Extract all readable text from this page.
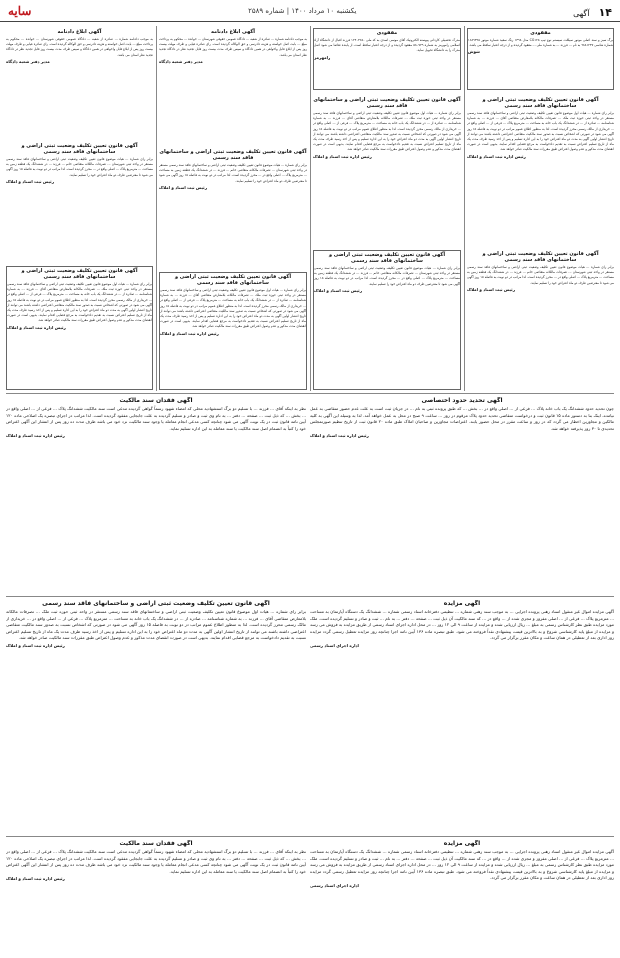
۱۴ آگهی
یکشنبه ۱۰ مرداد ۱۴۰۰ | شماره ۲۵۸۹
سایه
مفقودی

برگ سبز و سند اصلی موتور سیکلت سیستم نوع تیپ CG۱۲۵ مدل ۱۳۹۸ رنگ سفید شماره موتور ۱۶۸۹۳۹۵ شماره شاسی ۹۸۸۱۲۳۷ به نام ... فرزند ... به شماره ملی ... مفقود گردیده و از درجه اعتبار ساقط می باشد.

شوش
آگهی قانون تعیین تکلیف وضعیت ثبتی اراضی و ساختمانهای فاقد سند رسمی

برابر رای شماره ... هیات اول موضوع قانون تعیین تکلیف وضعیت ثبتی اراضی و ساختمانهای فاقد سند رسمی مستقر در واحد ثبتی حوزه ثبت ملک ... تصرفات مالکانه بلامعارض متقاضی آقای ... فرزند ... به شماره شناسنامه ... صادره از ... در ششدانگ یک باب خانه به مساحت ... مترمربع پلاک ... فرعی از ... اصلی واقع در ... خریداری از مالک رسمی محرز گردیده است. لذا به منظور اطلاع عموم مراتب در دو نوبت به فاصله ۱۵ روز آگهی می شود در صورتی که اشخاص نسبت به صدور سند مالکیت متقاضی اعتراضی داشته باشند می توانند از تاریخ انتشار اولین آگهی به مدت دو ماه اعتراض خود را به این اداره تسلیم و پس از اخذ رسید ظرف مدت یک ماه از تاریخ تسلیم اعتراض نسبت به تقدیم دادخواست به مرجع قضایی اقدام نمایند. بدیهی است در صورت انقضای مدت مذکور و عدم وصول اعتراض طبق مقررات سند مالکیت صادر خواهد شد.

رئیس اداره ثبت اسناد و املاک
آگهی قانون تعیین تکلیف وضعیت ثبتی اراضی و ساختمانهای فاقد سند رسمی

برابر رای شماره ... هیات موضوع قانون تعیین تکلیف وضعیت ثبتی اراضی و ساختمانهای فاقد سند رسمی مستقر در واحد ثبتی شهرستان ... تصرفات مالکانه متقاضی خانم ... فرزند ... در ششدانگ یک قطعه زمین به مساحت ... مترمربع پلاک ... اصلی واقع در ... محرز گردیده است. لذا مراتب در دو نوبت به فاصله ۱۵ روز آگهی می شود تا معترضین ظرف دو ماه اعتراض خود را تسلیم نمایند.

رئیس ثبت اسناد و املاک
مفقودی

مدرک تحصیلی کاردانی پیوسته الکترونیک آقای موسی اسدی به کد ملی ۱۲۴۰۳۶۵۰ فرزند اقبال از دانشگاه آزاد اسلامی رامهرمز به شماره ۵۸۰۷۴۹ مفقود گردیده و از درجه اعتبار ساقط است. از یابنده تقاضا می شود اصل مدرک را به دانشگاه تحویل نماید.

رامهرمز
آگهی قانون تعیین تکلیف وضعیت ثبتی اراضی و ساختمانهای فاقد سند رسمی

برابر رای شماره ... هیات اول موضوع قانون تعیین تکلیف وضعیت ثبتی اراضی و ساختمانهای فاقد سند رسمی مستقر در واحد ثبتی حوزه ثبت ملک ... تصرفات مالکانه بلامعارض متقاضی آقای ... فرزند ... به شماره شناسنامه ... صادره از ... در ششدانگ یک باب خانه به مساحت ... مترمربع پلاک ... فرعی از ... اصلی واقع در ... خریداری از مالک رسمی محرز گردیده است. لذا به منظور اطلاع عموم مراتب در دو نوبت به فاصله ۱۵ روز آگهی می شود در صورتی که اشخاص نسبت به صدور سند مالکیت متقاضی اعتراضی داشته باشند می توانند از تاریخ انتشار اولین آگهی به مدت دو ماه اعتراض خود را به این اداره تسلیم و پس از اخذ رسید ظرف مدت یک ماه از تاریخ تسلیم اعتراض نسبت به تقدیم دادخواست به مرجع قضایی اقدام نمایند. بدیهی است در صورت انقضای مدت مذکور و عدم وصول اعتراض طبق مقررات سند مالکیت صادر خواهد شد.

رئیس اداره ثبت اسناد و املاک
آگهی قانون تعیین تکلیف وضعیت ثبتی اراضی و ساختمانهای فاقد سند رسمی

برابر رای شماره ... هیات موضوع قانون تعیین تکلیف وضعیت ثبتی اراضی و ساختمانهای فاقد سند رسمی مستقر در واحد ثبتی شهرستان ... تصرفات مالکانه متقاضی خانم ... فرزند ... در ششدانگ یک قطعه زمین به مساحت ... مترمربع پلاک ... اصلی واقع در ... محرز گردیده است. لذا مراتب در دو نوبت به فاصله ۱۵ روز آگهی می شود تا معترضین ظرف دو ماه اعتراض خود را تسلیم نمایند.

رئیس ثبت اسناد و املاک
آگهی ابلاغ دادنامه

به موجب دادنامه شماره ... صادره از شعبه ... دادگاه عمومی حقوقی شهرستان ... خوانده ... محکوم به پرداخت مبلغ ... بابت اصل خواسته و هزینه دادرسی و حق الوکاله گردیده است. رای صادره غیابی و ظرف مهلت بیست روز پس از ابلاغ قابل واخواهی در همین دادگاه و سپس ظرف مدت بیست روز قابل تجدید نظر در دادگاه تجدید نظر استان می باشد.

مدیر دفتر شعبه دادگاه
آگهی قانون تعیین تکلیف وضعیت ثبتی اراضی و ساختمانهای فاقد سند رسمی

برابر رای شماره ... هیات موضوع قانون تعیین تکلیف وضعیت ثبتی اراضی و ساختمانهای فاقد سند رسمی مستقر در واحد ثبتی شهرستان ... تصرفات مالکانه متقاضی خانم ... فرزند ... در ششدانگ یک قطعه زمین به مساحت ... مترمربع پلاک ... اصلی واقع در ... محرز گردیده است. لذا مراتب در دو نوبت به فاصله ۱۵ روز آگهی می شود تا معترضین ظرف دو ماه اعتراض خود را تسلیم نمایند.

رئیس ثبت اسناد و املاک
آگهی قانون تعیین تکلیف وضعیت ثبتی اراضی و ساختمانهای فاقد سند رسمی

برابر رای شماره ... هیات اول موضوع قانون تعیین تکلیف وضعیت ثبتی اراضی و ساختمانهای فاقد سند رسمی مستقر در واحد ثبتی حوزه ثبت ملک ... تصرفات مالکانه بلامعارض متقاضی آقای ... فرزند ... به شماره شناسنامه ... صادره از ... در ششدانگ یک باب خانه به مساحت ... مترمربع پلاک ... فرعی از ... اصلی واقع در ... خریداری از مالک رسمی محرز گردیده است. لذا به منظور اطلاع عموم مراتب در دو نوبت به فاصله ۱۵ روز آگهی می شود در صورتی که اشخاص نسبت به صدور سند مالکیت متقاضی اعتراضی داشته باشند می توانند از تاریخ انتشار اولین آگهی به مدت دو ماه اعتراض خود را به این اداره تسلیم و پس از اخذ رسید ظرف مدت یک ماه از تاریخ تسلیم اعتراض نسبت به تقدیم دادخواست به مرجع قضایی اقدام نمایند. بدیهی است در صورت انقضای مدت مذکور و عدم وصول اعتراض طبق مقررات سند مالکیت صادر خواهد شد.

رئیس اداره ثبت اسناد و املاک
آگهی ابلاغ دادنامه

به موجب دادنامه شماره ... صادره از شعبه ... دادگاه عمومی حقوقی شهرستان ... خوانده ... محکوم به پرداخت مبلغ ... بابت اصل خواسته و هزینه دادرسی و حق الوکاله گردیده است. رای صادره غیابی و ظرف مهلت بیست روز پس از ابلاغ قابل واخواهی در همین دادگاه و سپس ظرف مدت بیست روز قابل تجدید نظر در دادگاه تجدید نظر استان می باشد.

مدیر دفتر شعبه دادگاه
آگهی قانون تعیین تکلیف وضعیت ثبتی اراضی و ساختمانهای فاقد سند رسمی

برابر رای شماره ... هیات موضوع قانون تعیین تکلیف وضعیت ثبتی اراضی و ساختمانهای فاقد سند رسمی مستقر در واحد ثبتی شهرستان ... تصرفات مالکانه متقاضی خانم ... فرزند ... در ششدانگ یک قطعه زمین به مساحت ... مترمربع پلاک ... اصلی واقع در ... محرز گردیده است. لذا مراتب در دو نوبت به فاصله ۱۵ روز آگهی می شود تا معترضین ظرف دو ماه اعتراض خود را تسلیم نمایند.

رئیس ثبت اسناد و املاک
آگهی قانون تعیین تکلیف وضعیت ثبتی اراضی و ساختمانهای فاقد سند رسمی

برابر رای شماره ... هیات اول موضوع قانون تعیین تکلیف وضعیت ثبتی اراضی و ساختمانهای فاقد سند رسمی مستقر در واحد ثبتی حوزه ثبت ملک ... تصرفات مالکانه بلامعارض متقاضی آقای ... فرزند ... به شماره شناسنامه ... صادره از ... در ششدانگ یک باب خانه به مساحت ... مترمربع پلاک ... فرعی از ... اصلی واقع در ... خریداری از مالک رسمی محرز گردیده است. لذا به منظور اطلاع عموم مراتب در دو نوبت به فاصله ۱۵ روز آگهی می شود در صورتی که اشخاص نسبت به صدور سند مالکیت متقاضی اعتراضی داشته باشند می توانند از تاریخ انتشار اولین آگهی به مدت دو ماه اعتراض خود را به این اداره تسلیم و پس از اخذ رسید ظرف مدت یک ماه از تاریخ تسلیم اعتراض نسبت به تقدیم دادخواست به مرجع قضایی اقدام نمایند. بدیهی است در صورت انقضای مدت مذکور و عدم وصول اعتراض طبق مقررات سند مالکیت صادر خواهد شد.

رئیس اداره ثبت اسناد و املاک
آگهی تحدید حدود اختصاصی

چون تحدید حدود ششدانگ یک باب خانه پلاک ... فرعی از ... اصلی واقع در ... بخش ... که طبق پرونده ثبتی به نام ... در جریان ثبت است به علت عدم حضور متقاضی به عمل نیامده، اینک بنا به دستور ماده ۱۵ قانون ثبت و درخواست متقاضی تحدید حدود پلاک مرقوم در روز ... ساعت ۹ صبح در محل به عمل خواهد آمد. لذا به وسیله این آگهی به کلیه مالکین و مجاورین اخطار می گردد که در روز و ساعت مقرر در محل حضور یابند. اعتراضات مجاورین و صاحبان املاک طبق ماده ۲۰ قانون ثبت از تاریخ تنظیم صورتمجلس تحدیدی تا ۳۰ روز پذیرفته خواهد شد.

رئیس اداره ثبت اسناد و املاک
آگهی فقدان سند مالکیت

نظر به اینکه آقای ... فرزند ... با تسلیم دو برگ استشهادیه محلی که امضاء شهود رسماً گواهی گردیده مدعی است سند مالکیت ششدانگ پلاک ... فرعی از ... اصلی واقع در ... بخش ... که ذیل ثبت ... صفحه ... دفتر ... به نام وی ثبت و صادر و تسلیم گردیده به علت جابجایی مفقود گردیده است. لذا مراتب در اجرای تبصره یک اصلاحی ماده ۱۲۰ آیین نامه قانون ثبت در یک نوبت آگهی می شود چنانچه کسی مدعی انجام معامله یا وجود سند مالکیت نزد خود می باشد ظرف مدت ده روز پس از انتشار این آگهی اعتراض خود را کتباً به انضمام اصل سند مالکیت یا سند معامله به این اداره تسلیم نماید.

رئیس اداره ثبت اسناد و املاک
آگهی مزایده

آگهی مزایده اموال غیر منقول اسناد رهنی پرونده اجرایی ... به موجب سند رهنی شماره ... تنظیمی دفترخانه اسناد رسمی شماره ... ششدانگ یک دستگاه آپارتمان به مساحت ... مترمربع پلاک ... فرعی از ... اصلی مفروز و مجزی شده از ... واقع در ... که سند مالکیت آن ذیل ثبت ... صفحه ... دفتر ... به نام ... ثبت و صادر و تسلیم گردیده است. ملک مورد مزایده طبق نظر کارشناس رسمی به مبلغ ... ریال ارزیابی شده و مزایده از ساعت ۹ الی ۱۲ روز ... در محل اداره اجرای اسناد رسمی از طریق مزایده به فروش می رسد و مزایده از مبلغ پایه کارشناسی شروع و به بالاترین قیمت پیشنهادی نقداً فروخته می شود. طبق تبصره ماده ۱۳۶ آیین نامه اجرا چنانچه روز مزایده تعطیل رسمی گردد مزایده روز اداری بعد از تعطیلی در همان ساعت و مکان مقرر برگزار می گردد.

اداره اجرای اسناد رسمی
آگهی قانون تعیین تکلیف وضعیت ثبتی اراضی و ساختمانهای فاقد سند رسمی

برابر رای شماره ... هیات اول موضوع قانون تعیین تکلیف وضعیت ثبتی اراضی و ساختمانهای فاقد سند رسمی مستقر در واحد ثبتی حوزه ثبت ملک ... تصرفات مالکانه بلامعارض متقاضی آقای ... فرزند ... به شماره شناسنامه ... صادره از ... در ششدانگ یک باب خانه به مساحت ... مترمربع پلاک ... فرعی از ... اصلی واقع در ... خریداری از مالک رسمی محرز گردیده است. لذا به منظور اطلاع عموم مراتب در دو نوبت به فاصله ۱۵ روز آگهی می شود در صورتی که اشخاص نسبت به صدور سند مالکیت متقاضی اعتراضی داشته باشند می توانند از تاریخ انتشار اولین آگهی به مدت دو ماه اعتراض خود را به این اداره تسلیم و پس از اخذ رسید ظرف مدت یک ماه از تاریخ تسلیم اعتراض نسبت به تقدیم دادخواست به مرجع قضایی اقدام نمایند. بدیهی است در صورت انقضای مدت مذکور و عدم وصول اعتراض طبق مقررات سند مالکیت صادر خواهد شد.

رئیس اداره ثبت اسناد و املاک
آگهی مزایده

آگهی مزایده اموال غیر منقول اسناد رهنی پرونده اجرایی ... به موجب سند رهنی شماره ... تنظیمی دفترخانه اسناد رسمی شماره ... ششدانگ یک دستگاه آپارتمان به مساحت ... مترمربع پلاک ... فرعی از ... اصلی مفروز و مجزی شده از ... واقع در ... که سند مالکیت آن ذیل ثبت ... صفحه ... دفتر ... به نام ... ثبت و صادر و تسلیم گردیده است. ملک مورد مزایده طبق نظر کارشناس رسمی به مبلغ ... ریال ارزیابی شده و مزایده از ساعت ۹ الی ۱۲ روز ... در محل اداره اجرای اسناد رسمی از طریق مزایده به فروش می رسد و مزایده از مبلغ پایه کارشناسی شروع و به بالاترین قیمت پیشنهادی نقداً فروخته می شود. طبق تبصره ماده ۱۳۶ آیین نامه اجرا چنانچه روز مزایده تعطیل رسمی گردد مزایده روز اداری بعد از تعطیلی در همان ساعت و مکان مقرر برگزار می گردد.

اداره اجرای اسناد رسمی
آگهی فقدان سند مالکیت

نظر به اینکه آقای ... فرزند ... با تسلیم دو برگ استشهادیه محلی که امضاء شهود رسماً گواهی گردیده مدعی است سند مالکیت ششدانگ پلاک ... فرعی از ... اصلی واقع در ... بخش ... که ذیل ثبت ... صفحه ... دفتر ... به نام وی ثبت و صادر و تسلیم گردیده به علت جابجایی مفقود گردیده است. لذا مراتب در اجرای تبصره یک اصلاحی ماده ۱۲۰ آیین نامه قانون ثبت در یک نوبت آگهی می شود چنانچه کسی مدعی انجام معامله یا وجود سند مالکیت نزد خود می باشد ظرف مدت ده روز پس از انتشار این آگهی اعتراض خود را کتباً به انضمام اصل سند مالکیت یا سند معامله به این اداره تسلیم نماید.

رئیس اداره ثبت اسناد و املاک
